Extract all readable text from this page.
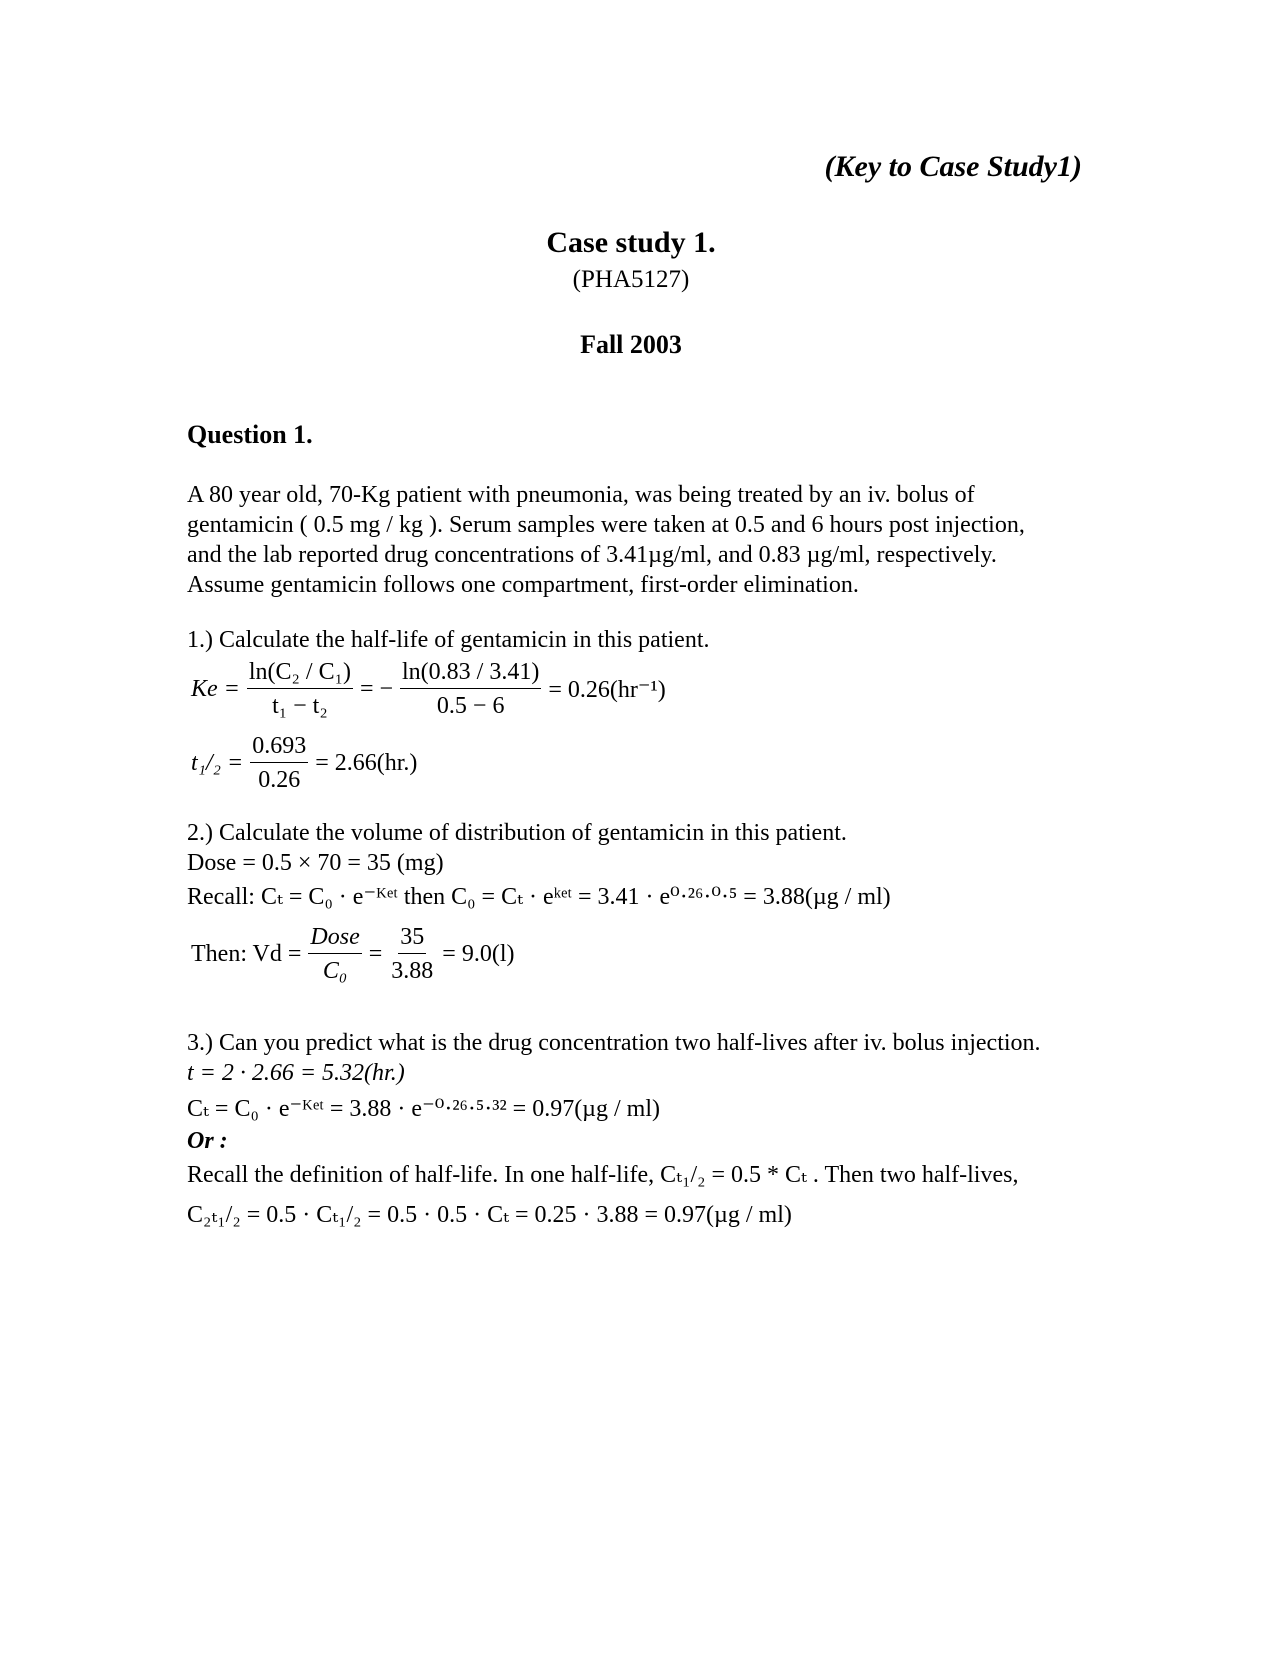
(Key to Case Study1)
Case study 1.
(PHA5127)
Fall 2003
Question 1.
A 80 year old, 70-Kg patient with pneumonia, was being treated by an iv. bolus of
gentamicin ( 0.5 mg / kg ). Serum samples were taken at 0.5 and 6 hours post injection,
and the lab reported drug concentrations of 3.41µg/ml, and 0.83 µg/ml, respectively.
Assume gentamicin follows one compartment, first-order elimination.
1.) Calculate the half-life of gentamicin in this patient.
$Ke = \frac{\text{ln(C₂ / C₁)}}{\text{t₁ − t₂}}$ = − $\frac{\ln(0.83 / 3.41)}{0.5 - 6} = 0.26(hr^{-1})$
$t_1/_2 = \frac{0.693}{0.26} = 2.66(hr.)$
2.) Calculate the volume of distribution of gentamicin in this patient.
Dose = 0.5 × 70 = 35 (mg)
Recall: Cₜ = C₀ · e⁻ᴷᵉᵗ then C₀ = Cₜ · eᵏᵉᵗ = 3.41 · e⁰·²⁶·⁰·⁵ = 3.88(µg / ml)
Then: $Vd = \frac{\text{Dose}}{\text{C₀}} = \frac{35}{3.88} = 9.0(l)$
3.) Can you predict what is the drug concentration two half-lives after iv. bolus injection.
t = 2 · 2.66 = 5.32(hr.)
Cₜ = C₀ · e⁻ᴷᵉᵗ = 3.88 · e⁻⁰·²⁶·⁵·³² = 0.97(µg / ml)
Or :
Recall the definition of half-life. In one half-life, Cₜ₁/₂ = 0.5 * Cₜ . Then two half-lives,
C₂ₜ₁/₂ = 0.5 · Cₜ₁/₂ = 0.5 · 0.5 · Cₜ = 0.25 · 3.88 = 0.97(µg / ml)
